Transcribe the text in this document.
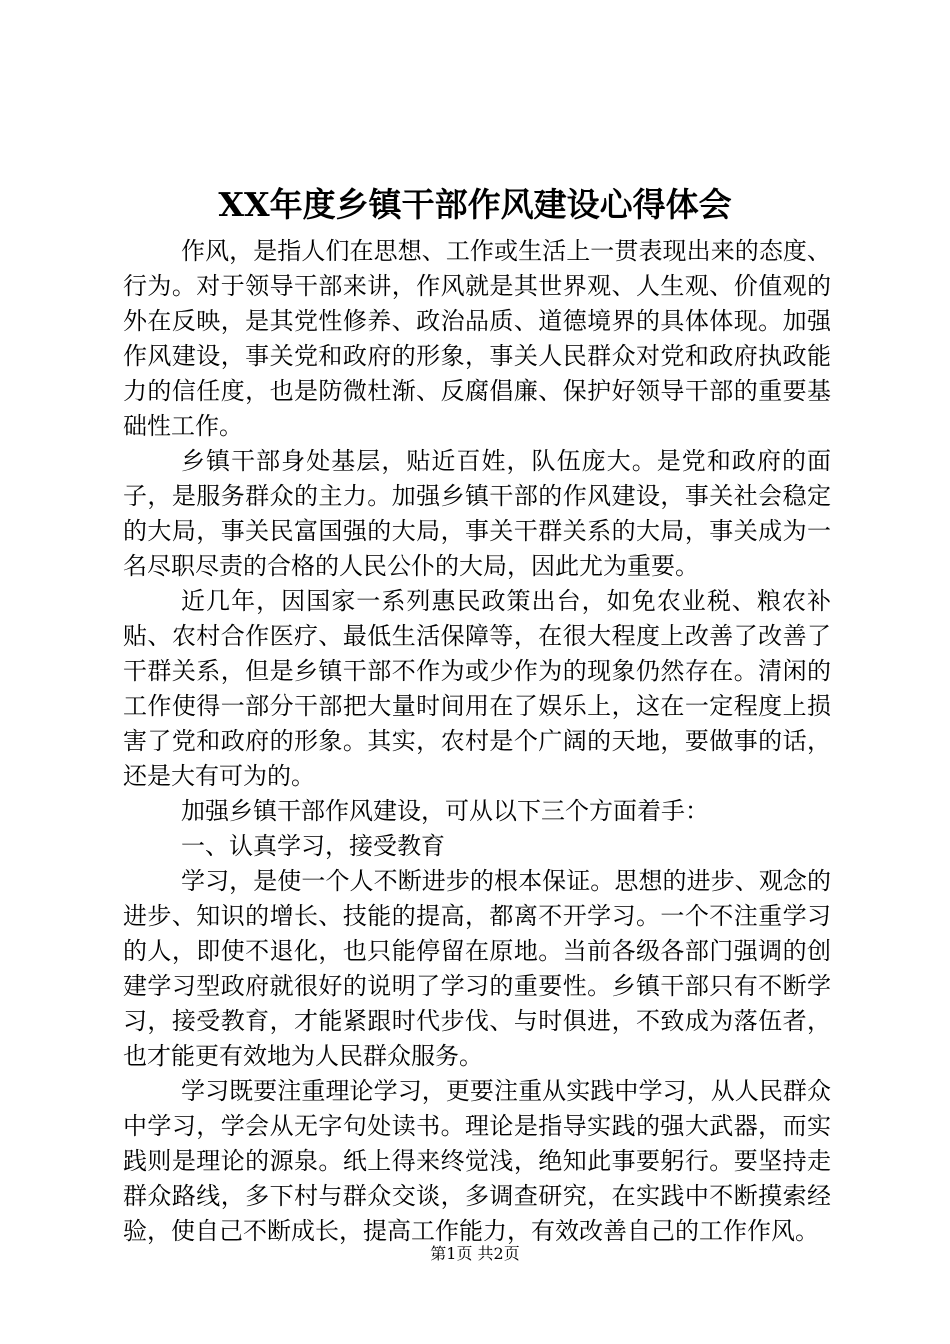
XX年度乡镇干部作风建设心得体会

作风，是指人们在思想、工作或生活上一贯表现出来的态度、行为。对于领导干部来讲，作风就是其世界观、人生观、价值观的外在反映，是其党性修养、政治品质、道德境界的具体体现。加强作风建设，事关党和政府的形象，事关人民群众对党和政府执政能力的信任度，也是防微杜渐、反腐倡廉、保护好领导干部的重要基础性工作。

乡镇干部身处基层，贴近百姓，队伍庞大。是党和政府的面子，是服务群众的主力。加强乡镇干部的作风建设，事关社会稳定的大局，事关民富国强的大局，事关干群关系的大局，事关成为一名尽职尽责的合格的人民公仆的大局，因此尤为重要。

近几年，因国家一系列惠民政策出台，如免农业税、粮农补贴、农村合作医疗、最低生活保障等，在很大程度上改善了改善了干群关系，但是乡镇干部不作为或少作为的现象仍然存在。清闲的工作使得一部分干部把大量时间用在了娱乐上，这在一定程度上损害了党和政府的形象。其实，农村是个广阔的天地，要做事的话，还是大有可为的。

加强乡镇干部作风建设，可从以下三个方面着手：

一、认真学习，接受教育

学习，是使一个人不断进步的根本保证。思想的进步、观念的进步、知识的增长、技能的提高，都离不开学习。一个不注重学习的人，即使不退化，也只能停留在原地。当前各级各部门强调的创建学习型政府就很好的说明了学习的重要性。乡镇干部只有不断学习，接受教育，才能紧跟时代步伐、与时俱进，不致成为落伍者，也才能更有效地为人民群众服务。

学习既要注重理论学习，更要注重从实践中学习，从人民群众中学习，学会从无字句处读书。理论是指导实践的强大武器，而实践则是理论的源泉。纸上得来终觉浅，绝知此事要躬行。要坚持走群众路线，多下村与群众交谈，多调查研究，在实践中不断摸索经验，使自己不断成长，提高工作能力，有效改善自己的工作作风。

第1页 共2页
